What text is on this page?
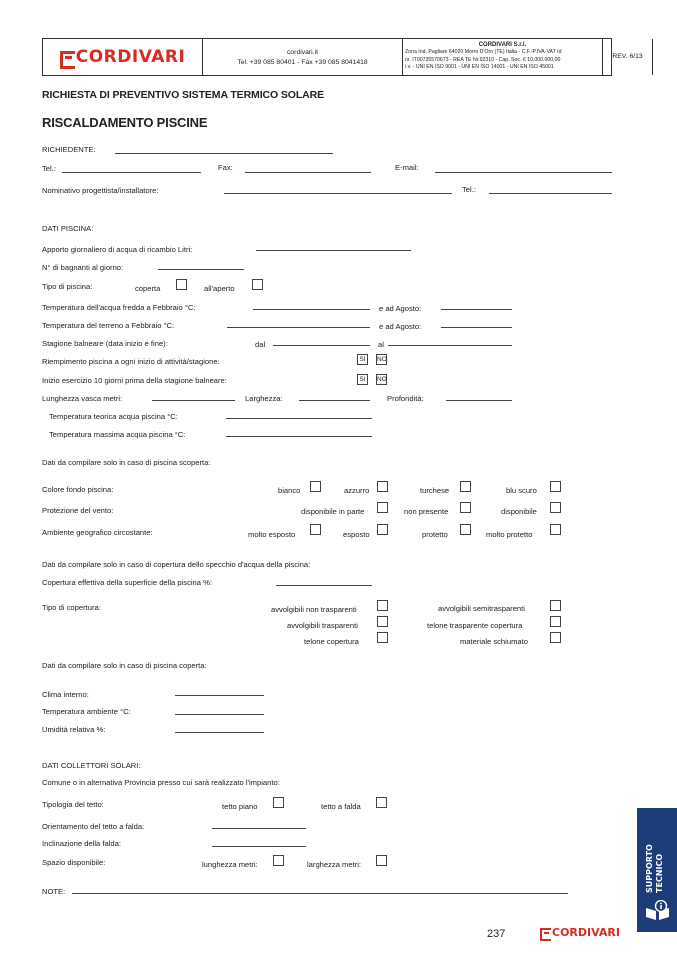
CORDIVARI	cordivari.it
Tel. +39 085 80401 - Fax +39 085 8041418
CORDIVARI S.r.l.
Zona Ind. Pagliare 64020 Morro D'Oro (TE) Italia - C.F.-P.IVA-VAT Id
nr. IT00735570673 - REA TE Nr.92310 - Cap. Soc. € 10.000.000,00
i.v. - UNI EN ISO 9001 - UNI EN ISO 14001 - UNI EN ISO 45001
REV. 6/13
RICHIESTA DI PREVENTIVO SISTEMA TERMICO SOLARE
RISCALDAMENTO PISCINE
RICHIEDENTE:
Tel.:	Fax:	E-mail:
Nominativo progettista/installatore:	Tel.:
DATI PISCINA:
Apporto giornaliero di acqua di ricambio Litri:
N° di bagnanti al giorno:
Tipo di piscina:	coperta	all'aperto
Temperatura dell'acqua fredda a Febbraio °C:	e ad Agosto:
Temperatura del terreno a Febbraio °C:	e ad Agosto:
Stagione balneare (data inizio e fine):	dal	al
Riempimento piscina a ogni inizio di attività/stagione:	SI	NO
Inizio esercizio 10 giorni prima della stagione balneare:	SI	NO
Lunghezza vasca metri:	Larghezza:	Profondità:
Temperatura teorica acqua piscina °C:
Temperatura massima acqua piscina °C:
Dati da compilare solo in caso di piscina scoperta:
Colore fondo piscina:	bianco	azzurro	turchese	blu scuro
Protezione del vento:	disponibile in parte	non presente	disponibile
Ambiente geografico circostante:	molto esposto	esposto	protetto	molto protetto
Dati da compilare solo in caso di copertura dello specchio d'acqua della piscina:
Copertura effettiva della superficie della piscina %:
Tipo di copertura:	avvolgibili non trasparenti	avvolgibili semitrasparenti
avvolgibili trasparenti	telone trasparente copertura
telone copertura	materiale schiumato
Dati da compilare solo in caso di piscina coperta:
Clima interno:
Temperatura ambiente °C:
Umidità relativa %:
DATI COLLETTORI SOLARI:
Comune o in alternativa Provincia presso cui sarà realizzato l'impianto:
Tipologia del tetto:	tetto piano	tetto a falda
Orientamento del tetto a falda:
Inclinazione della falda:
Spazio disponibile:	lunghezza metri:	larghezza metri:
NOTE:	SUPPORTO TECNICO
237	CORDIVARI
